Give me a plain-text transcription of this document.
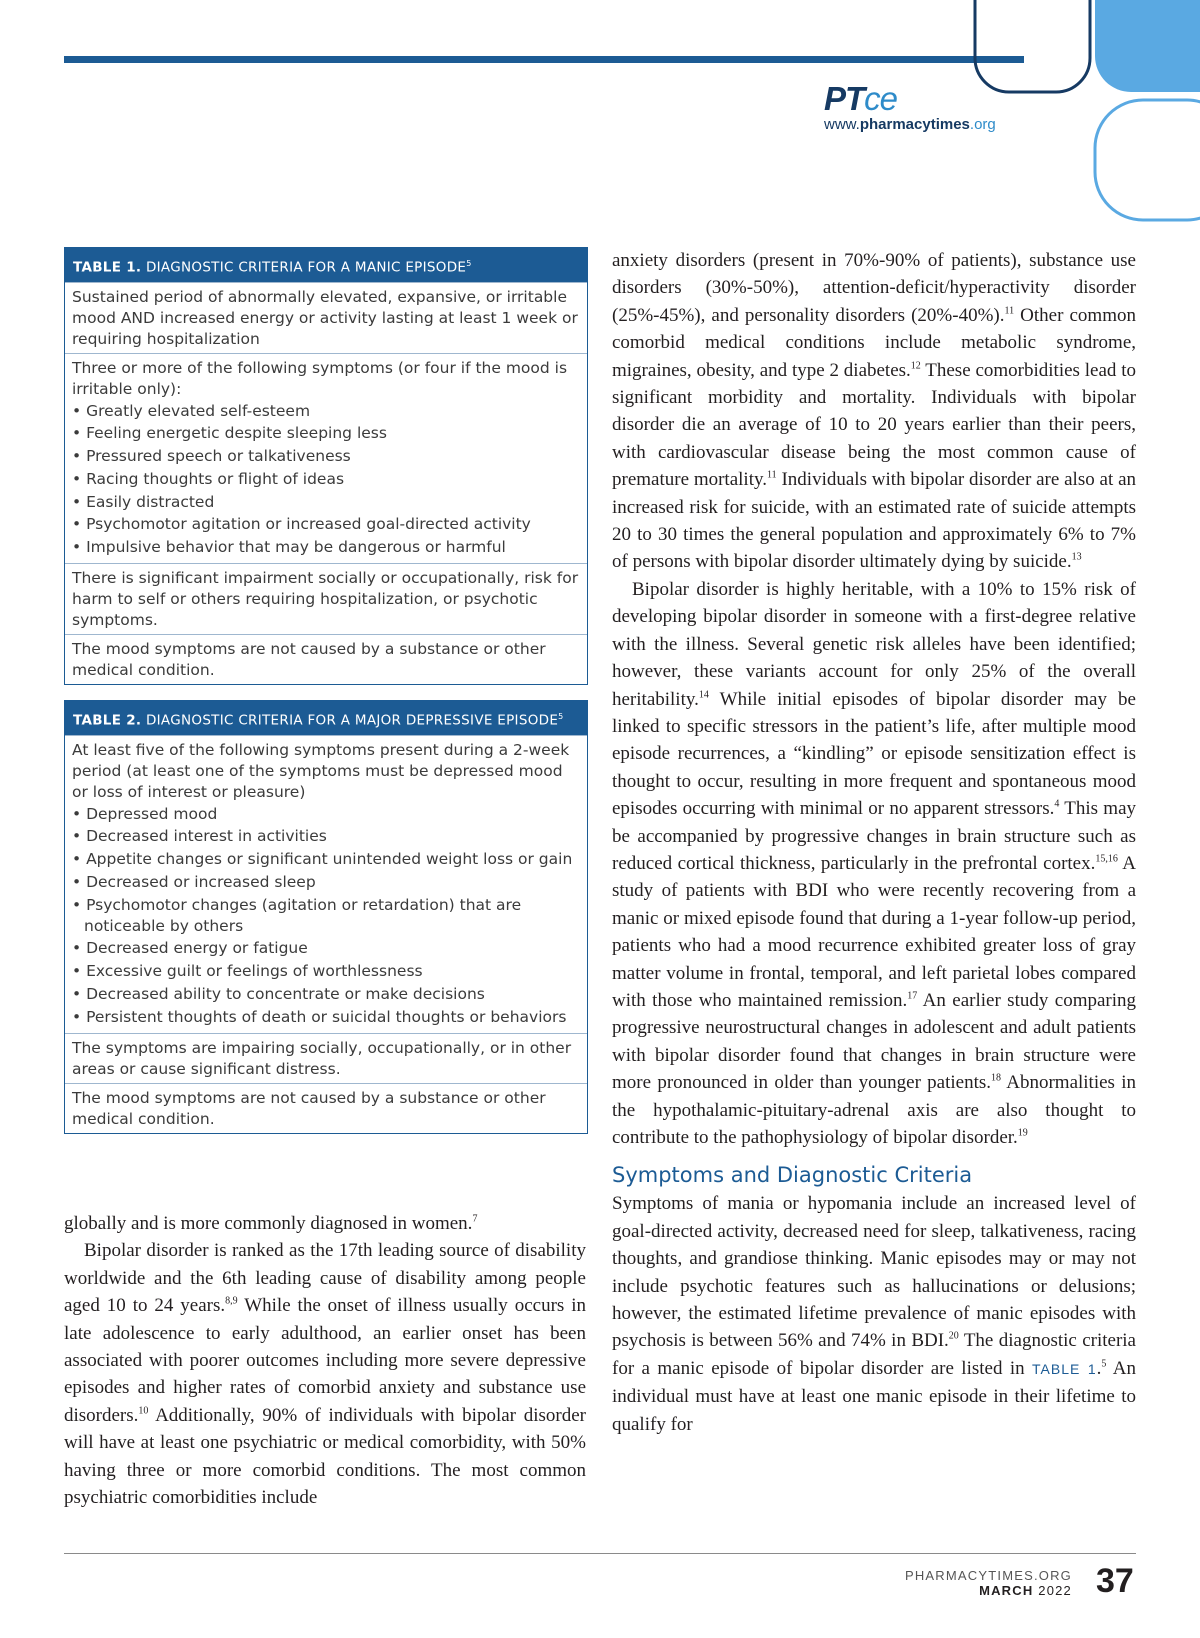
PTce
www.pharmacytimes.org
TABLE 1. DIAGNOSTIC CRITERIA FOR A MANIC EPISODE$^5$
Sustained period of abnormally elevated, expansive, or irritable mood AND increased energy or activity lasting at least 1 week or requiring hospitalization
Three or more of the following symptoms (or four if the mood is irritable only):
• Greatly elevated self-esteem
• Feeling energetic despite sleeping less
• Pressured speech or talkativeness
• Racing thoughts or flight of ideas
• Easily distracted
• Psychomotor agitation or increased goal-directed activity
• Impulsive behavior that may be dangerous or harmful
There is significant impairment socially or occupationally, risk for harm to self or others requiring hospitalization, or psychotic symptoms.
The mood symptoms are not caused by a substance or other medical condition.
TABLE 2. DIAGNOSTIC CRITERIA FOR A MAJOR DEPRESSIVE EPISODE$^5$
At least five of the following symptoms present during a 2-week period (at least one of the symptoms must be depressed mood or loss of interest or pleasure)
• Depressed mood
• Decreased interest in activities
• Appetite changes or significant unintended weight loss or gain
• Decreased or increased sleep
• Psychomotor changes (agitation or retardation) that are noticeable by others
• Decreased energy or fatigue
• Excessive guilt or feelings of worthlessness
• Decreased ability to concentrate or make decisions
• Persistent thoughts of death or suicidal thoughts or behaviors
The symptoms are impairing socially, occupationally, or in other areas or cause significant distress.
The mood symptoms are not caused by a substance or other medical condition.

globally and is more commonly diagnosed in women.$^7$

Bipolar disorder is ranked as the 17th leading source of disability worldwide and the 6th leading cause of disability among people aged 10 to 24 years.$^{8,9}$ While the onset of illness usually occurs in late adolescence to early adulthood, an earlier onset has been associated with poorer outcomes including more severe depressive episodes and higher rates of comorbid anxiety and substance use disorders.$^{10}$ Additionally, 90% of individuals with bipolar disorder will have at least one psychiatric or medical comorbidity, with 50% having three or more comorbid conditions. The most common psychiatric comorbidities include

anxiety disorders (present in 70%-90% of patients), substance use disorders (30%-50%), attention-deficit/hyperactivity disorder (25%-45%), and personality disorders (20%-40%).$^{11}$ Other common comorbid medical conditions include metabolic syndrome, migraines, obesity, and type 2 diabetes.$^{12}$ These comorbidities lead to significant morbidity and mortality. Individuals with bipolar disorder die an average of 10 to 20 years earlier than their peers, with cardiovascular disease being the most common cause of premature mortality.$^{11}$ Individuals with bipolar disorder are also at an increased risk for suicide, with an estimated rate of suicide attempts 20 to 30 times the general population and approximately 6% to 7% of persons with bipolar disorder ultimately dying by suicide.$^{13}$

Bipolar disorder is highly heritable, with a 10% to 15% risk of developing bipolar disorder in someone with a first-degree relative with the illness. Several genetic risk alleles have been identified; however, these variants account for only 25% of the overall heritability.$^{14}$ While initial episodes of bipolar disorder may be linked to specific stressors in the patient’s life, after multiple mood episode recurrences, a “kindling” or episode sensitization effect is thought to occur, resulting in more frequent and spontaneous mood episodes occurring with minimal or no apparent stressors.$^4$ This may be accompanied by progressive changes in brain structure such as reduced cortical thickness, particularly in the prefrontal cortex.$^{15,16}$ A study of patients with BDI who were recently recovering from a manic or mixed episode found that during a 1-year follow-up period, patients who had a mood recurrence exhibited greater loss of gray matter volume in frontal, temporal, and left parietal lobes compared with those who maintained remission.$^{17}$ An earlier study comparing progressive neurostructural changes in adolescent and adult patients with bipolar disorder found that changes in brain structure were more pronounced in older than younger patients.$^{18}$ Abnormalities in the hypothalamic-pituitary-adrenal axis are also thought to contribute to the pathophysiology of bipolar disorder.$^{19}$

Symptoms and Diagnostic Criteria

Symptoms of mania or hypomania include an increased level of goal-directed activity, decreased need for sleep, talkativeness, racing thoughts, and grandiose thinking. Manic episodes may or may not include psychotic features such as hallucinations or delusions; however, the estimated lifetime prevalence of manic episodes with psychosis is between 56% and 74% in BDI.$^{20}$ The diagnostic criteria for a manic episode of bipolar disorder are listed in TABLE 1.$^5$ An individual must have at least one manic episode in their lifetime to qualify for

PHARMACYTIMES.ORG
MARCH 2022 37
